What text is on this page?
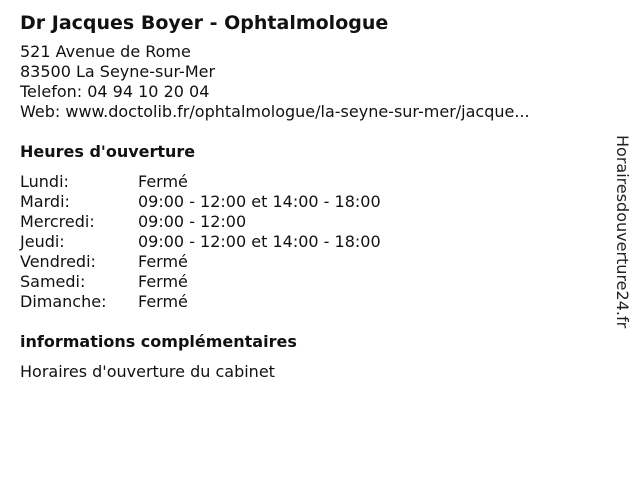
Dr Jacques Boyer - Ophtalmologue
521 Avenue de Rome
83500 La Seyne-sur-Mer
Telefon: 04 94 10 20 04
Web: www.doctolib.fr/ophtalmologue/la-seyne-sur-mer/jacque...
Heures d'ouverture
Lundi:	Fermé
Mardi:	09:00 - 12:00 et 14:00 - 18:00
Mercredi:	09:00 - 12:00
Jeudi:	09:00 - 12:00 et 14:00 - 18:00
Vendredi:	Fermé
Samedi:	Fermé
Dimanche:	Fermé
informations complémentaires
Horaires d'ouverture du cabinet
Horairesdouverture24.fr
